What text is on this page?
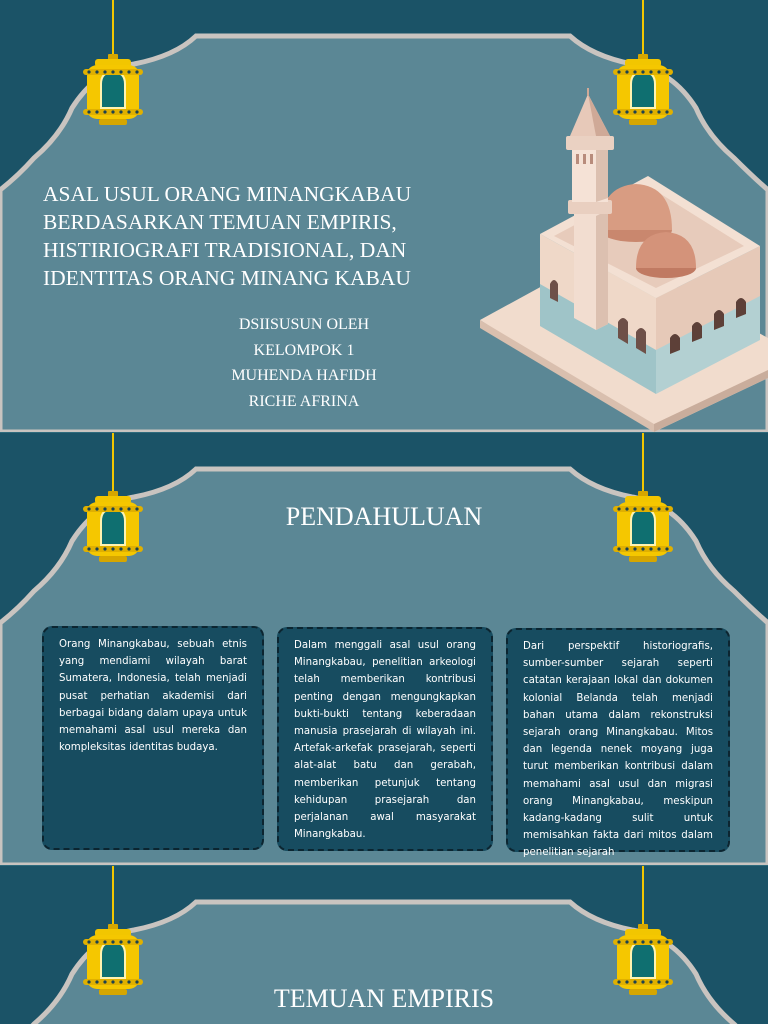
ASAL USUL ORANG MINANGKABAU
BERDASARKAN TEMUAN EMPIRIS,
HISTIRIOGRAFI TRADISIONAL, DAN
IDENTITAS ORANG MINANG KABAU
DSIISUSUN OLEH
KELOMPOK 1
MUHENDA HAFIDH
RICHE AFRINA
PENDAHULUAN
Orang Minangkabau, sebuah etnis yang mendiami wilayah barat Sumatera, Indonesia, telah menjadi pusat perhatian akademisi dari berbagai bidang dalam upaya untuk memahami asal usul mereka dan kompleksitas identitas budaya.
Dalam menggali asal usul orang Minangkabau, penelitian arkeologi telah memberikan kontribusi penting dengan mengungkapkan bukti-bukti tentang keberadaan manusia prasejarah di wilayah ini. Artefak-arkefak prasejarah, seperti alat-alat batu dan gerabah, memberikan petunjuk tentang kehidupan prasejarah dan perjalanan awal masyarakat Minangkabau.
Dari perspektif historiografis, sumber-sumber sejarah seperti catatan kerajaan lokal dan dokumen kolonial Belanda telah menjadi bahan utama dalam rekonstruksi sejarah orang Minangkabau. Mitos dan legenda nenek moyang juga turut memberikan kontribusi dalam memahami asal usul dan migrasi orang Minangkabau, meskipun kadang-kadang sulit untuk memisahkan fakta dari mitos dalam penelitian sejarah
TEMUAN EMPIRIS
